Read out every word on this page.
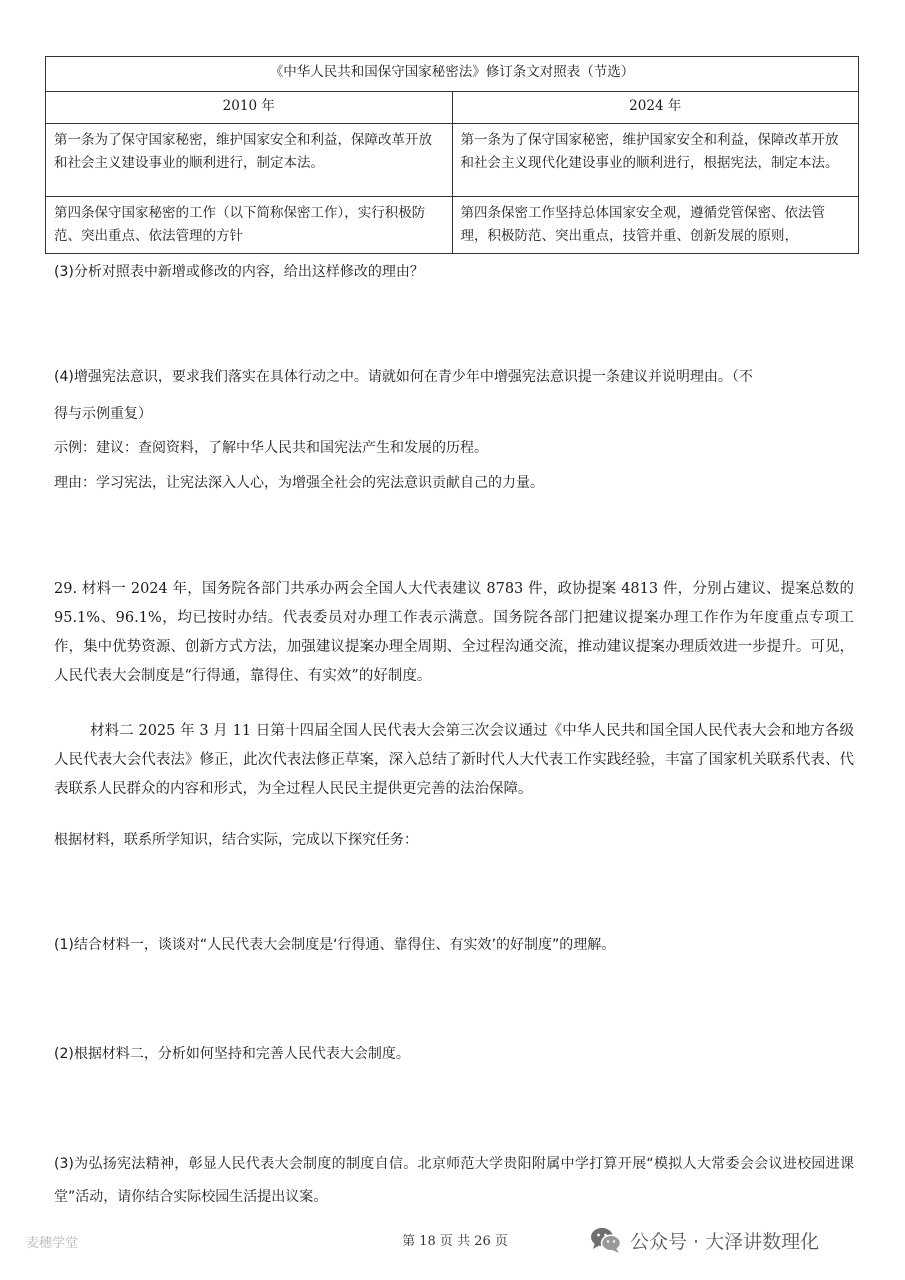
《中华人民共和国保守国家秘密法》修订条文对照表（节选）	
2010 年	2024 年
第一条为了保守国家秘密，维护国家安全和利益，保障改革开放和社会主义建设事业的顺利进行，制定本法。	第一条为了保守国家秘密，维护国家安全和利益，保障改革开放和社会主义现代化建设事业的顺利进行，根据宪法，制定本法。

第四条保守国家秘密的工作（以下简称保密工作），实行积极防范、突出重点、依法管理的方针	第四条保密工作坚持总体国家安全观，遵循党管保密、依法管理，积极防范、突出重点，技管并重、创新发展的原则，
(3)分析对照表中新增或修改的内容，给出这样修改的理由？
(4)增强宪法意识，要求我们落实在具体行动之中。请就如何在青少年中增强宪法意识提一条建议并说明理由。（不
得与示例重复）
示例：建议：查阅资料，了解中华人民共和国宪法产生和发展的历程。
理由：学习宪法，让宪法深入人心，为增强全社会的宪法意识贡献自己的力量。
29. 材料一 2024 年，国务院各部门共承办两会全国人大代表建议 8783 件，政协提案 4813 件，分别占建议、提案总数的 95.1%、96.1%，均已按时办结。代表委员对办理工作表示满意。国务院各部门把建议提案办理工作作为年度重点专项工作，集中优势资源、创新方式方法，加强建议提案办理全周期、全过程沟通交流，推动建议提案办理质效进一步提升。可见，人民代表大会制度是“行得通，靠得住、有实效”的好制度。
材料二 2025 年 3 月 11 日第十四届全国人民代表大会第三次会议通过《中华人民共和国全国人民代表大会和地方各级人民代表大会代表法》修正，此次代表法修正草案，深入总结了新时代人大代表工作实践经验，丰富了国家机关联系代表、代表联系人民群众的内容和形式，为全过程人民民主提供更完善的法治保障。
根据材料，联系所学知识，结合实际，完成以下探究任务：
(1)结合材料一，谈谈对“人民代表大会制度是‘行得通、靠得住、有实效’的好制度”的理解。
(2)根据材料二，分析如何坚持和完善人民代表大会制度。
(3)为弘扬宪法精神，彰显人民代表大会制度的制度自信。北京师范大学贵阳附属中学打算开展“模拟人大常委会会议进校园进课堂”活动，请你结合实际校园生活提出议案。
麦穗学堂	第 18 页 共 26 页	公众号 · 大泽讲数理化
